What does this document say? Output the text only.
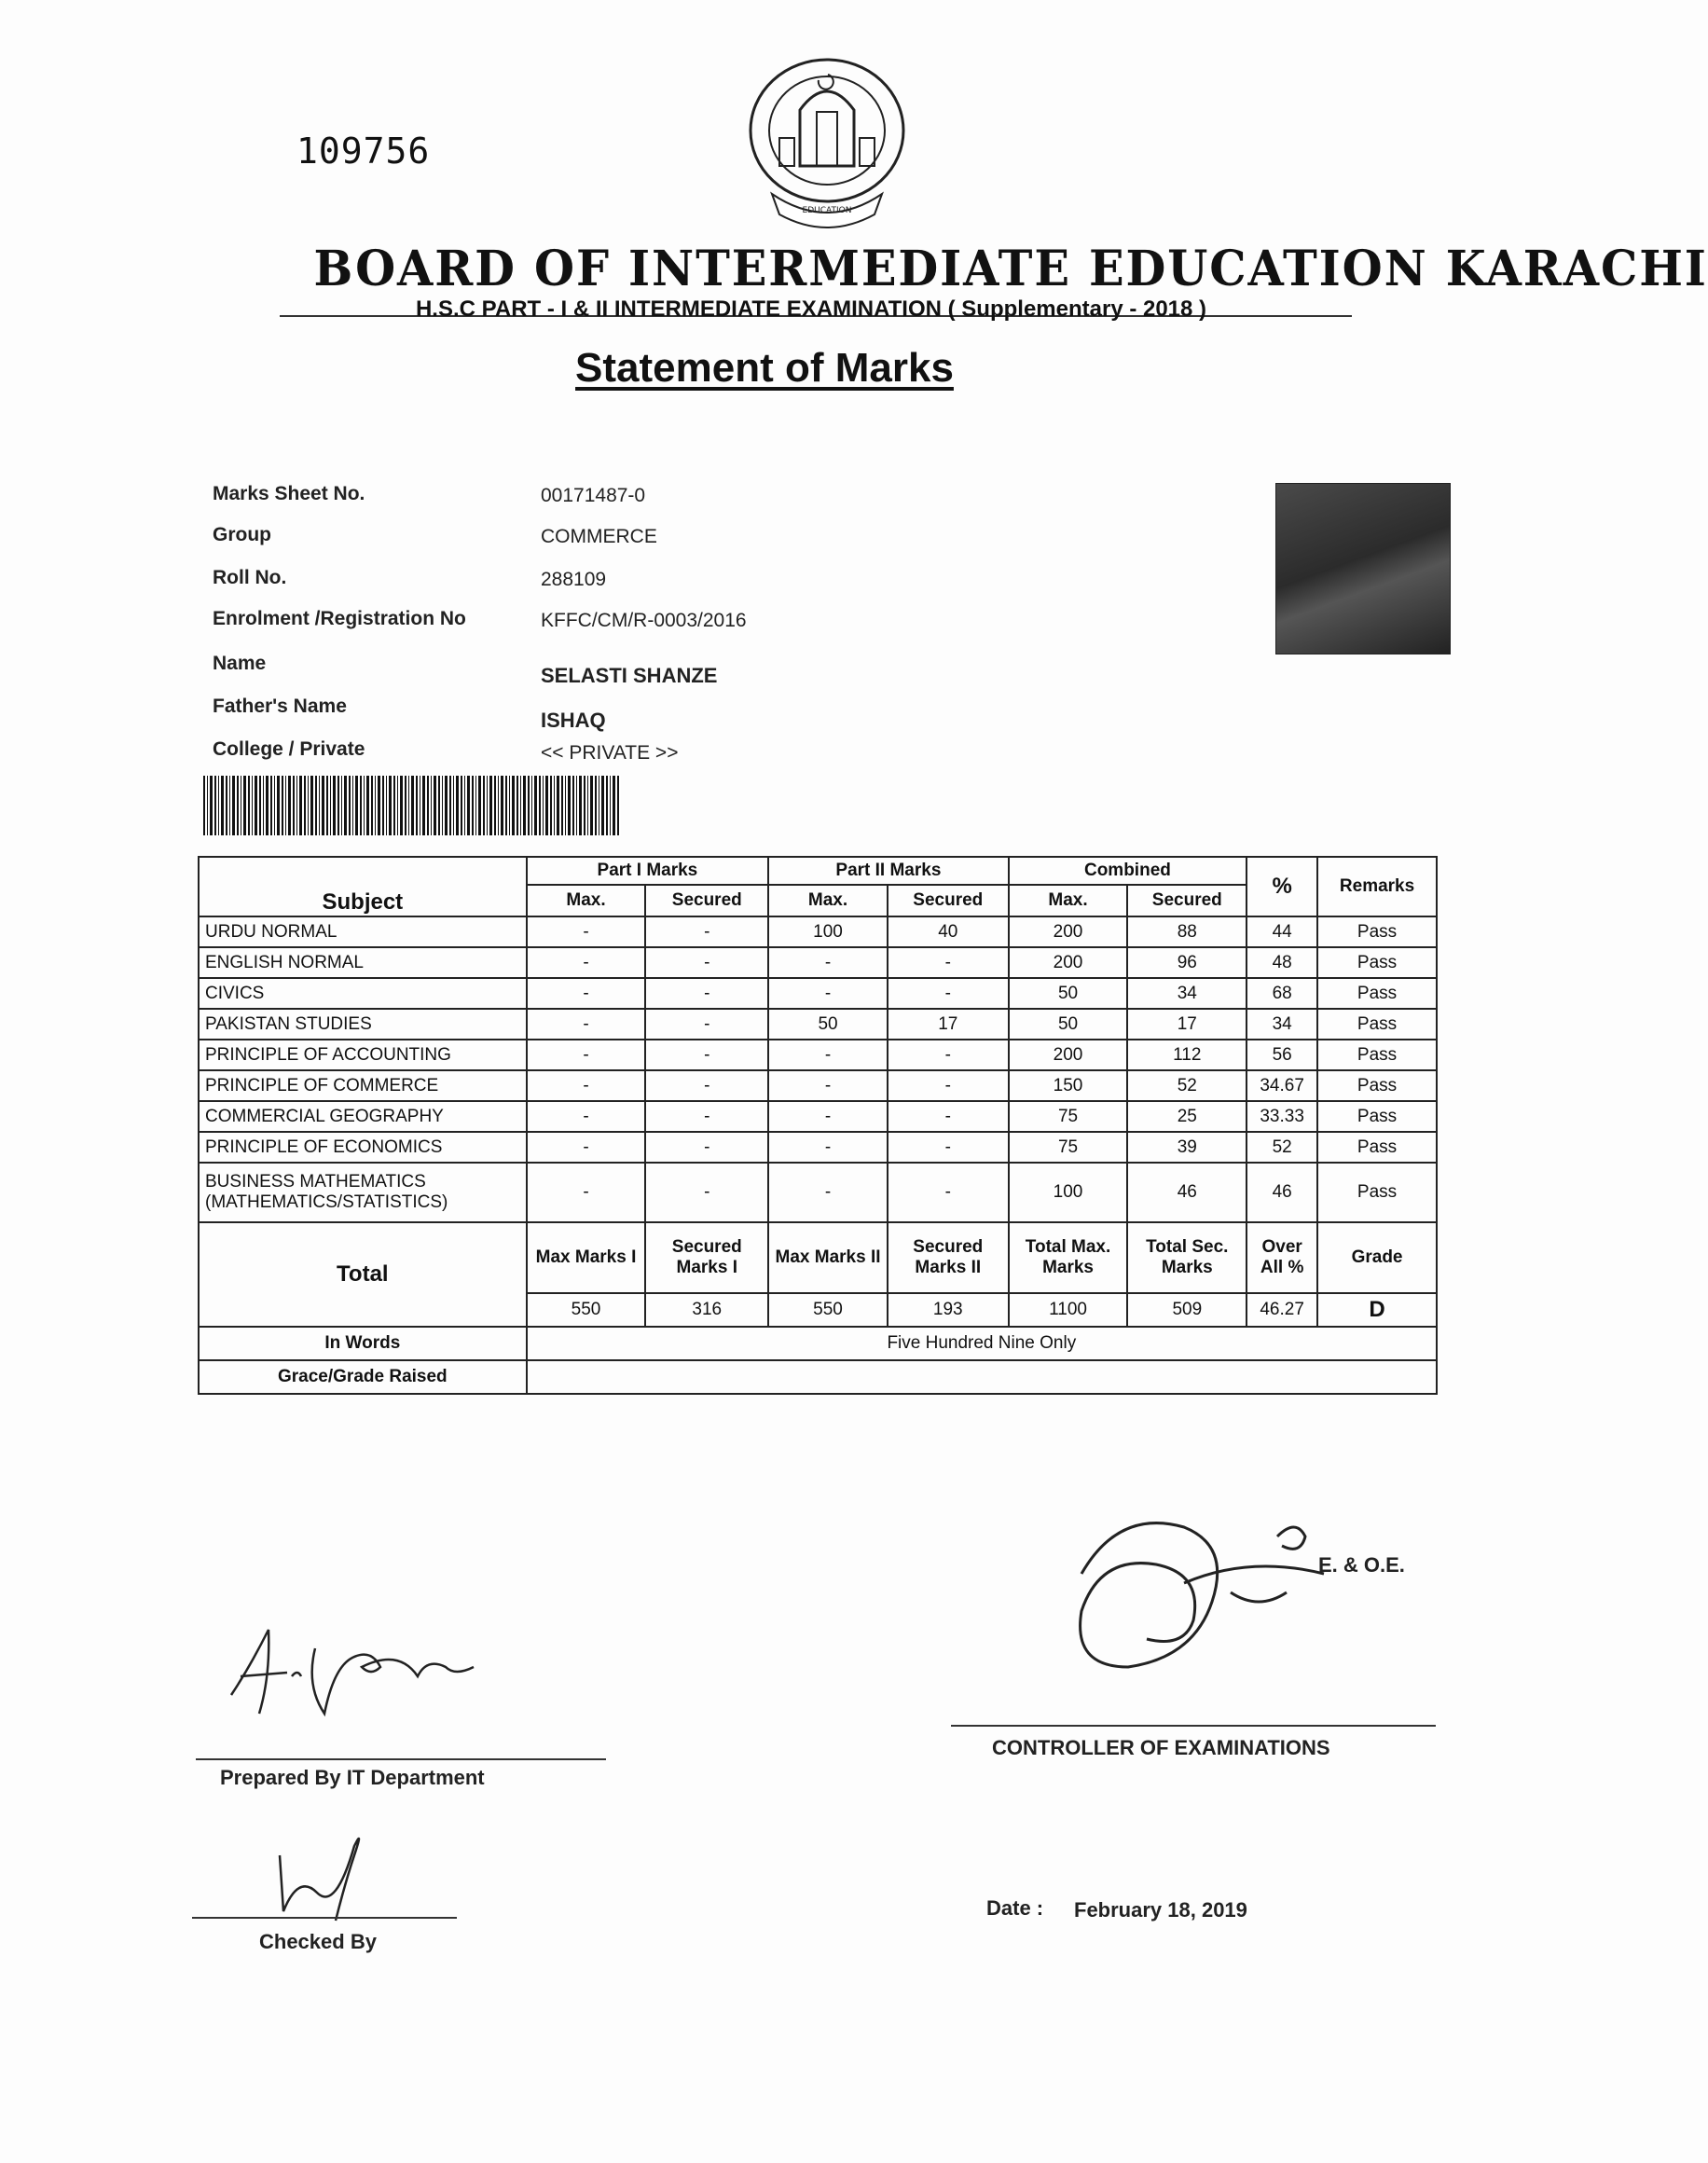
109756
EDUCATION
BOARD OF INTERMEDIATE EDUCATION KARACHI
H.S.C PART - I & II INTERMEDIATE EXAMINATION ( Supplementary - 2018 )
Statement of Marks
Marks Sheet No.	00171487-0
Group	COMMERCE
Roll No.	288109
Enrolment /Registration No	KFFC/CM/R-0003/2016
Name
SELASTI SHANZE
Father's Name
ISHAQ
College / Private	<< PRIVATE >>
Subject	Part I Marks		Part II Marks		Combined		%	Remarks
	Max.	Secured	Max.	Secured	Max.	Secured		
URDU NORMAL	-	-	100	40	200	88	44	Pass
ENGLISH NORMAL	-	-	-	-	200	96	48	Pass
CIVICS	-	-	-	-	50	34	68	Pass
PAKISTAN STUDIES	-	-	50	17	50	17	34	Pass
PRINCIPLE OF ACCOUNTING	-	-	-	-	200	112	56	Pass
PRINCIPLE OF COMMERCE	-	-	-	-	150	52	34.67	Pass
COMMERCIAL GEOGRAPHY	-	-	-	-	75	25	33.33	Pass
PRINCIPLE OF ECONOMICS	-	-	-	-	75	39	52	Pass
BUSINESS MATHEMATICS
(MATHEMATICS/STATISTICS)	-	-	-	-	100	46	46	Pass
Total	Max Marks I	Secured Marks I	Max Marks II	Secured Marks II	Total Max. Marks	Total Sec. Marks	Over All %	Grade
	550	316	550	193	1100	509	46.27	D
In Words	Five Hundred Nine Only							
Grace/Grade Raised								
Prepared By IT Department
Checked By
E. & O.E.
CONTROLLER OF EXAMINATIONS
Date : February 18, 2019
